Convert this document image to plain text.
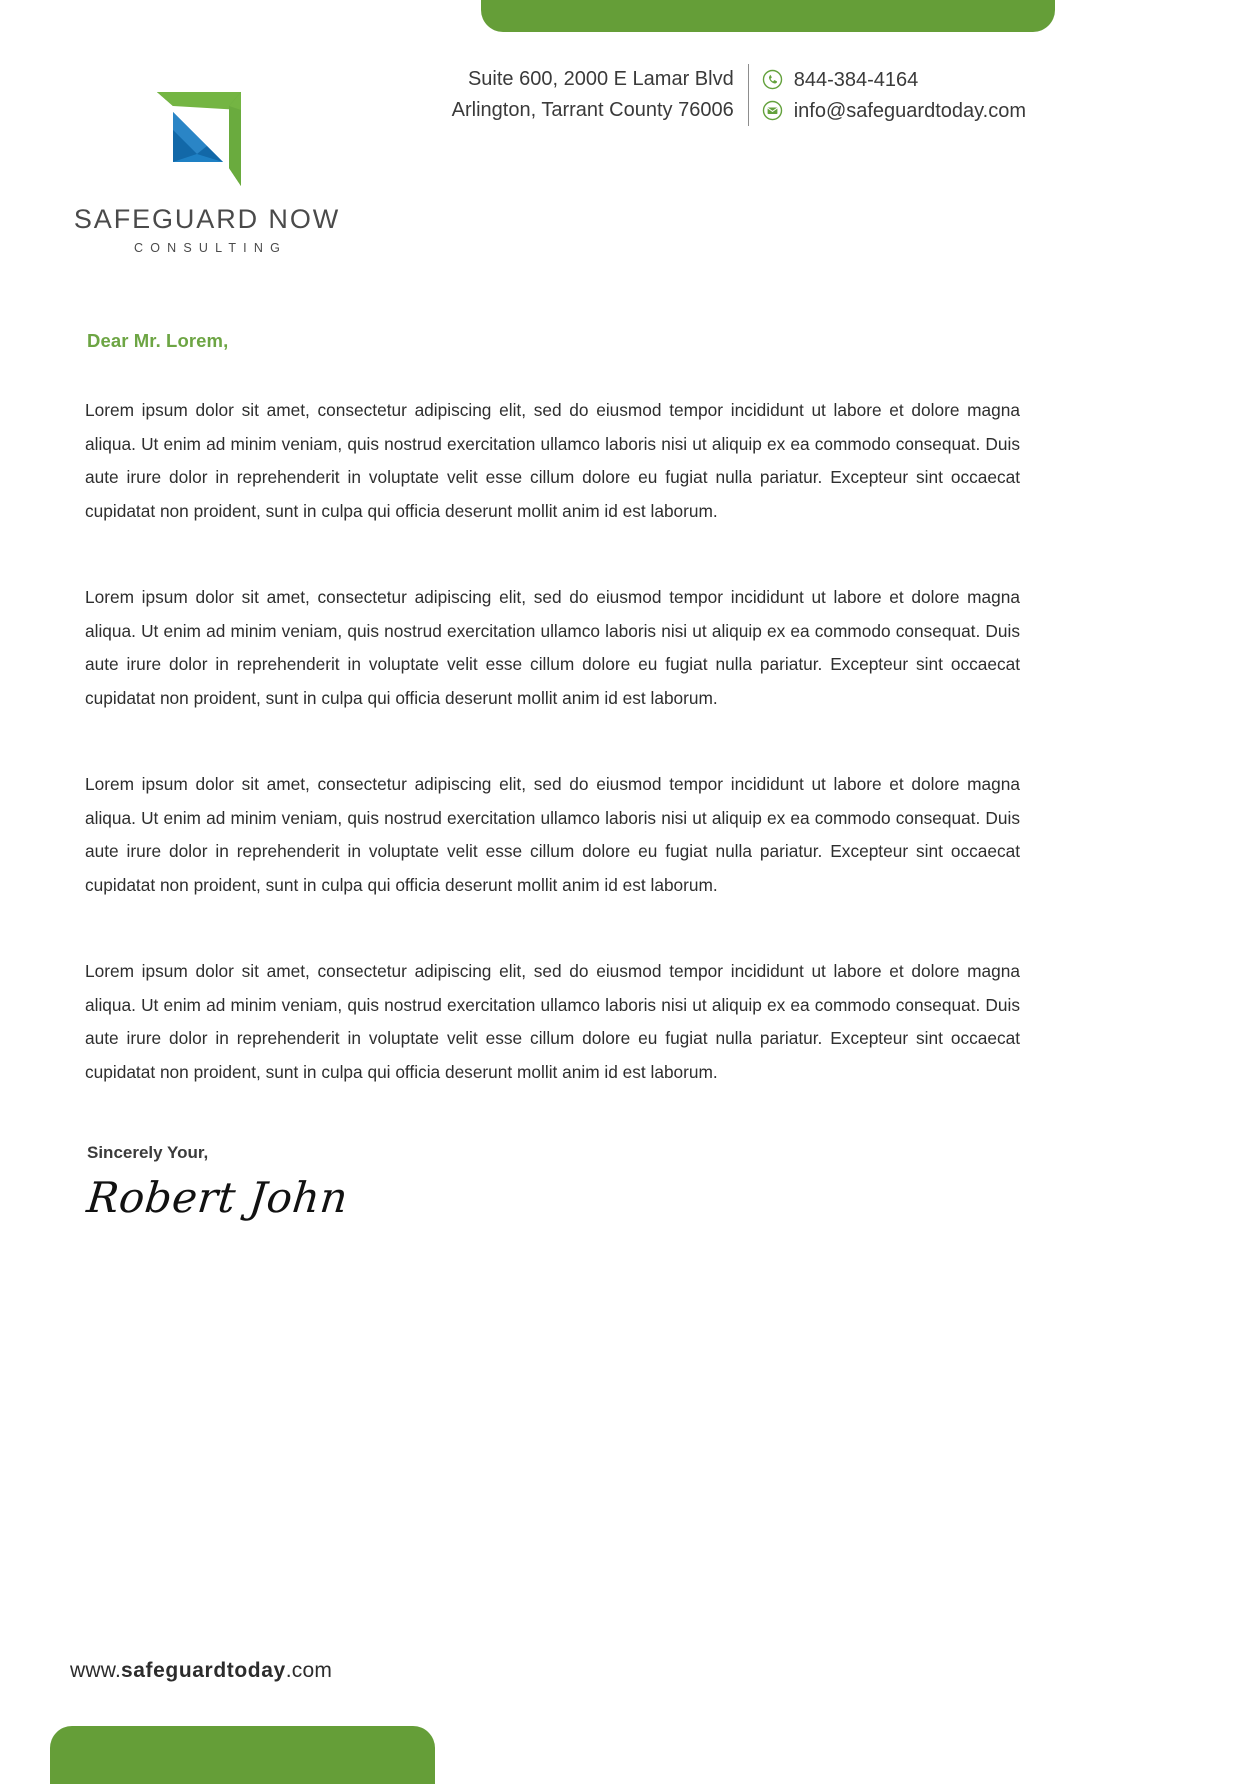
SAFEGUARD NOW
CONSULTING
Suite 600, 2000 E Lamar Blvd
Arlington, Tarrant County 76006
844-384-4164
info@safeguardtoday.com
Dear Mr. Lorem,

Lorem ipsum dolor sit amet, consectetur adipiscing elit, sed do eiusmod tempor incididunt ut labore et dolore magna aliqua. Ut enim ad minim veniam, quis nostrud exercitation ullamco laboris nisi ut aliquip ex ea commodo consequat. Duis aute irure dolor in reprehenderit in voluptate velit esse cillum dolore eu fugiat nulla pariatur. Excepteur sint occaecat cupidatat non proident, sunt in culpa qui officia deserunt mollit anim id est laborum.

Lorem ipsum dolor sit amet, consectetur adipiscing elit, sed do eiusmod tempor incididunt ut labore et dolore magna aliqua. Ut enim ad minim veniam, quis nostrud exercitation ullamco laboris nisi ut aliquip ex ea commodo consequat. Duis aute irure dolor in reprehenderit in voluptate velit esse cillum dolore eu fugiat nulla pariatur. Excepteur sint occaecat cupidatat non proident, sunt in culpa qui officia deserunt mollit anim id est laborum.

Lorem ipsum dolor sit amet, consectetur adipiscing elit, sed do eiusmod tempor incididunt ut labore et dolore magna aliqua. Ut enim ad minim veniam, quis nostrud exercitation ullamco laboris nisi ut aliquip ex ea commodo consequat. Duis aute irure dolor in reprehenderit in voluptate velit esse cillum dolore eu fugiat nulla pariatur. Excepteur sint occaecat cupidatat non proident, sunt in culpa qui officia deserunt mollit anim id est laborum.

Lorem ipsum dolor sit amet, consectetur adipiscing elit, sed do eiusmod tempor incididunt ut labore et dolore magna aliqua. Ut enim ad minim veniam, quis nostrud exercitation ullamco laboris nisi ut aliquip ex ea commodo consequat. Duis aute irure dolor in reprehenderit in voluptate velit esse cillum dolore eu fugiat nulla pariatur. Excepteur sint occaecat cupidatat non proident, sunt in culpa qui officia deserunt mollit anim id est laborum.

Sincerely Your,
Robert John
www.safeguardtoday.com
